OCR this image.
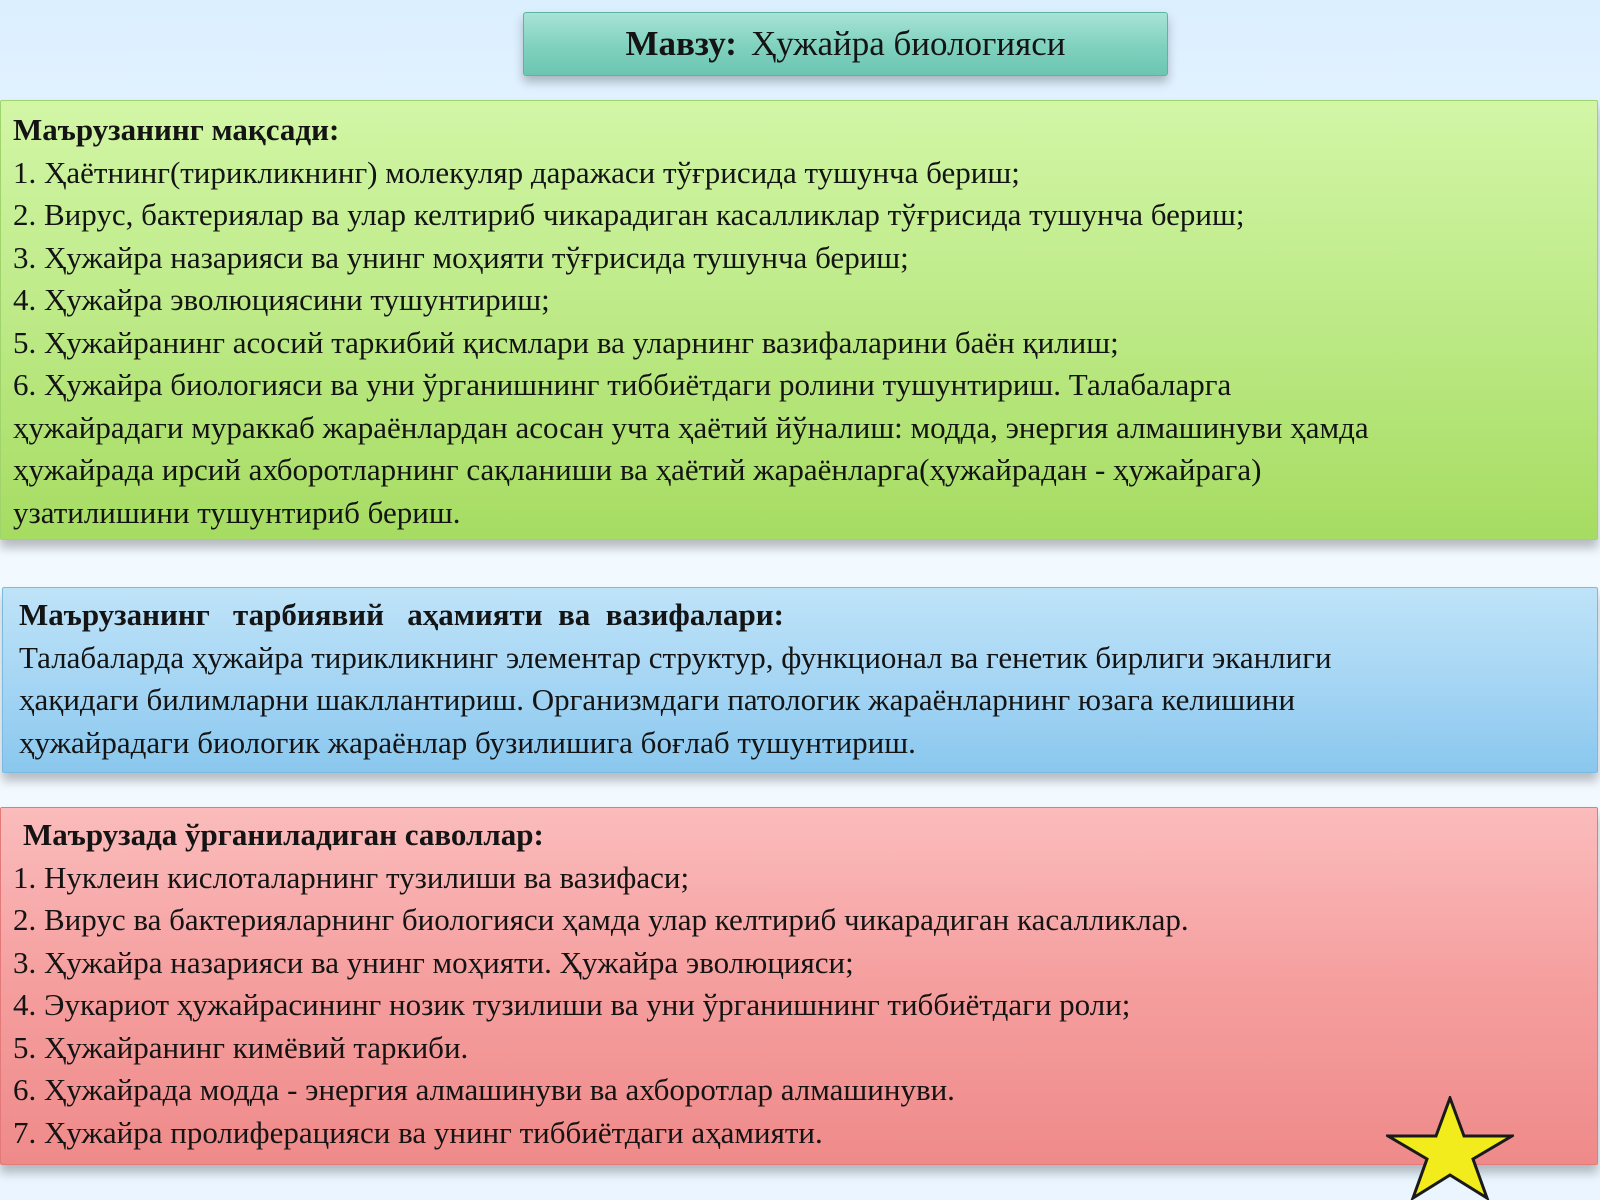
Мавзу: Ҳужайра биологияси
Маърузанинг мақсади:
1. Ҳаётнинг(тирикликнинг) молекуляр даражаси тўғрисида тушунча бериш;
2. Вирус, бактериялар ва улар келтириб чикарадиган касалликлар тўғрисида тушунча бериш;
3. Ҳужайра назарияси ва унинг моҳияти тўғрисида тушунча бериш;
4. Ҳужайра эволюциясини тушунтириш;
5. Ҳужайранинг асосий таркибий қисмлари ва уларнинг вазифаларини баён қилиш;
6. Ҳужайра биологияси ва уни ўрганишнинг тиббиётдаги ролини тушунтириш. Талабаларга
ҳужайрадаги мураккаб жараёнлардан асосан учта ҳаётий йўналиш: модда, энергия алмашинуви ҳамда
ҳужайрада ирсий ахборотларнинг сақланиши ва ҳаётий жараёнларга(ҳужайрадан - ҳужайрага)
узатилишини тушунтириб бериш.
Маърузанинг   тарбиявий   аҳамияти  ва  вазифалари:
Талабаларда ҳужайра тирикликнинг элементар структур, функционал ва генетик бирлиги эканлиги
ҳақидаги билимларни шакллантириш. Организмдаги патологик жараёнларнинг юзага келишини
ҳужайрадаги биологик жараёнлар бузилишига боғлаб тушунтириш.
Маърузада ўрганиладиган саволлар:
1. Нуклеин кислоталарнинг тузилиши ва вазифаси;
2. Вирус ва бактерияларнинг биологияси ҳамда улар келтириб чикарадиган касалликлар.
3. Ҳужайра назарияси ва унинг моҳияти. Ҳужайра эволюцияси;
4. Эукариот ҳужайрасининг нозик тузилиши ва уни ўрганишнинг тиббиётдаги роли;
5. Ҳужайранинг кимёвий таркиби.
6. Ҳужайрада модда - энергия алмашинуви ва ахборотлар алмашинуви.
7. Ҳужайра пролиферацияси ва унинг тиббиётдаги аҳамияти.
